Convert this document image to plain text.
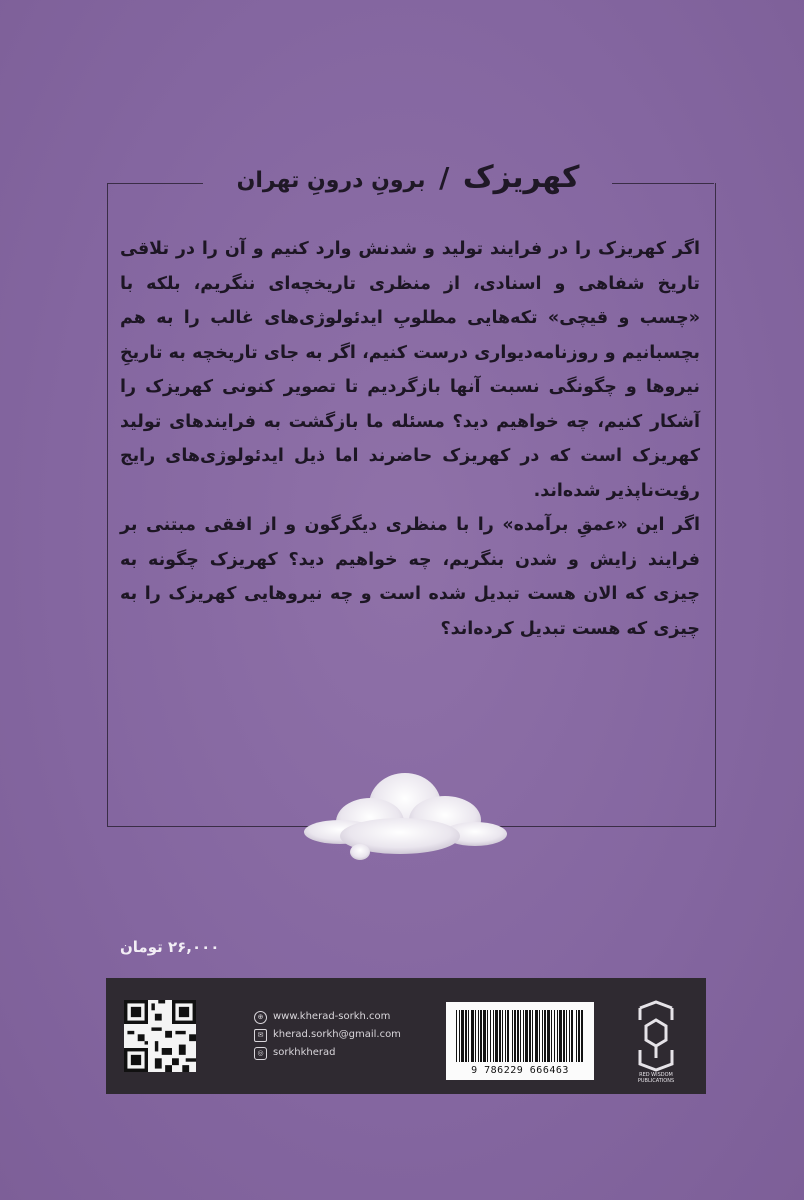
کهریزک / برونِ درونِ تهران

اگر کهریزک را در فرایند تولید و شدنش وارد کنیم و آن را در تلاقی تاریخ شفاهی و اسنادی، از منظری تاریخچه‌ای ننگریم، بلکه با «چسب و قیچی» تکه‌هایی مطلوبِ ایدئولوژی‌های غالب را به هم بچسبانیم و روزنامه‌دیواری درست کنیم، اگر به جای تاریخچه به تاریخِ نیروها و چگونگی نسبت آنها بازگردیم تا تصویر کنونی کهریزک را آشکار کنیم، چه خواهیم دید؟ مسئله ما بازگشت به فرایندهای تولید کهریزک است که در کهریزک حاضرند اما ذیل ایدئولوژی‌های رایج رؤیت‌ناپذیر شده‌اند.

اگر این «عمقِ برآمده» را با منظری دیگرگون و از افقی مبتنی بر فرایند زایش و شدن بنگریم، چه خواهیم دید؟ کهریزک چگونه به چیزی که الان هست تبدیل شده است و چه نیروهایی کهریزک را به چیزی که هست تبدیل کرده‌اند؟

۲۶,۰۰۰ تومان
⊕ www.kherad-sorkh.com
✉ kherad.sorkh@gmail.com
◎ sorkhkherad
9 786229 666463	RED WISDOM PUBLICATIONS
